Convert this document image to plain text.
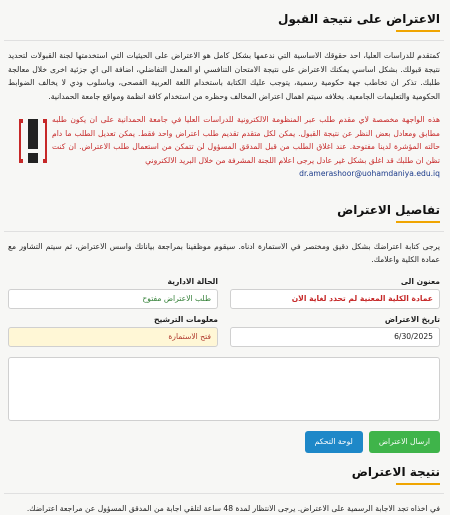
الاعتراض على نتيجة القبول

كمتقدم للدراسات العليا، احد حقوقك الاساسية التي ندعمها بشكل كامل هو الاعتراض على الحيثيات التي استخدمتها لجنة القبولات لتحديد نتيجة قبولك. بشكل اساسي يمكنك الاعتراض على نتيجة الامتحان التنافسي او المعدل التفاضلي، اضافة الى اي جزئية اخرى خلال معالجة طلبك. تذكر ان تخاطب جهة حكومية رسمية، يتوجب عليك الكتابة باستخدام اللغة العربية الفصحى، وباسلوب ودي لا يخالف الضوابط الحكومية والتعليمات الجامعية. بخلافه سيتم اهمال اعتراض المخالف وحظره من استخدام كافة انظمة ومواقع جامعة الحمدانية.

هذه الواجهة مخصصة لاي مقدم طلب عبر المنظومة الالكترونية للدراسات العليا في جامعة الحمدانية على ان يكون طلبه مطابق ومعادل بعض النظر عن نتيجة القبول. يمكن لكل متقدم تقديم طلب اعتراض واحد فقط. يمكن تعديل الطلب ما دام حالته المؤشرة لدينا مفتوحة. عند اغلاق الطلب من قبل المدقق المسؤول لن تتمكن من استعمال طلب الاعتراض. ان كنت تظن ان طلبك قد اغلق بشكل غير عادل يرجى اعلام اللجنة المشرفة من خلال البريد الالكتروني
dr.amerashoor@uohamdaniya.edu.iq
تفاصيل الاعتراض

يرجى كتابة اعتراضك بشكل دقيق ومختصر في الاستمارة ادناه. سيقوم موظفينا بمراجعة بياناتك واسس الاعتراض، ثم سيتم التشاور مع عمادة الكلية واعلامك.

معنون الى
عمادة الكلية المعنية لم تحدد لغاية الان
الحالة الادارية
طلب الاعتراض مفتوح
تاريخ الاعتراض
6/30/2025
معلومات الترشيح
فتح الاستمارة
ارسال الاعتراض
لوحة التحكم
نتيجة الاعتراض

في اخذاه تجد الاجابة الرسمية على الاعتراض. يرجى الانتظار لمدة 48 ساعة لتلقي اجابة من المدقق المسؤول عن مراجعة اعتراضك.
